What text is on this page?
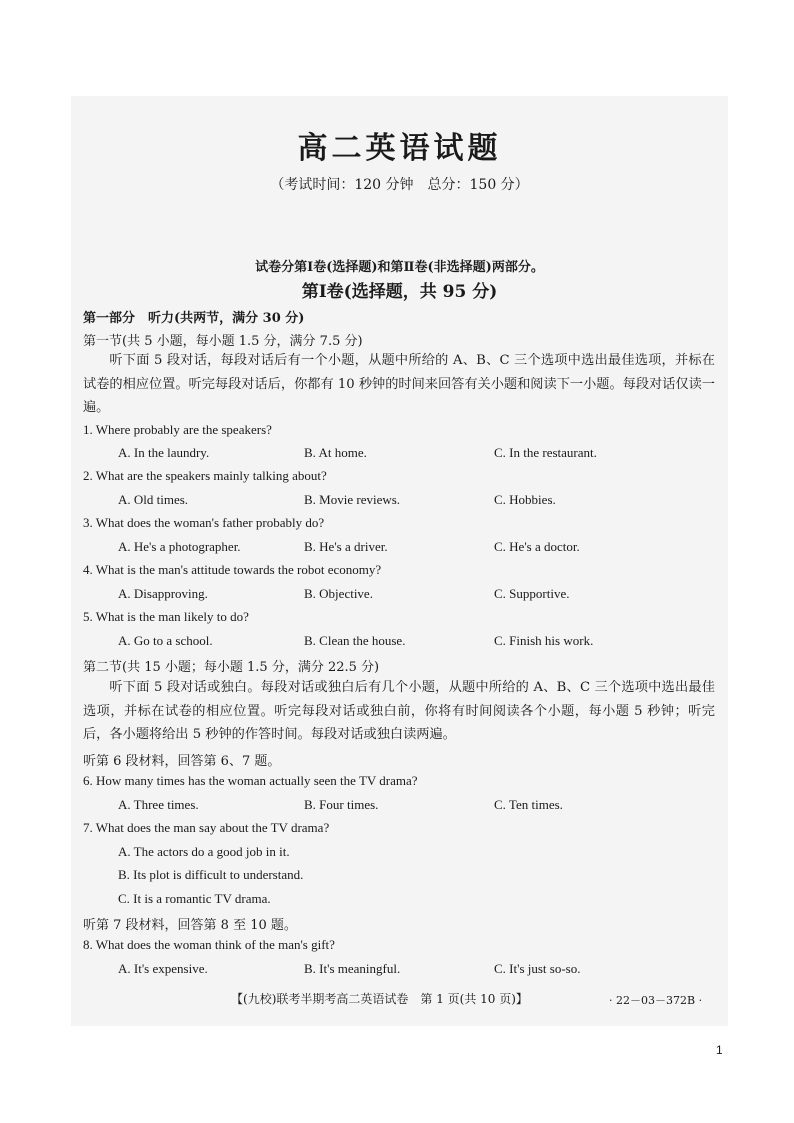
高二英语试题
（考试时间：120 分钟　总分：150 分）
试卷分第Ⅰ卷(选择题)和第Ⅱ卷(非选择题)两部分。
第Ⅰ卷(选择题，共 95 分)
第一部分　听力(共两节，满分 30 分)
第一节(共 5 小题，每小题 1.5 分，满分 7.5 分)
听下面 5 段对话，每段对话后有一个小题，从题中所给的 A、B、C 三个选项中选出最佳选项，并标在试卷的相应位置。听完每段对话后，你都有 10 秒钟的时间来回答有关小题和阅读下一小题。每段对话仅读一遍。
1. Where probably are the speakers?
A. In the laundry.	B. At home.	C. In the restaurant.
2. What are the speakers mainly talking about?
A. Old times.	B. Movie reviews.	C. Hobbies.
3. What does the woman's father probably do?
A. He's a photographer.	B. He's a driver.	C. He's a doctor.
4. What is the man's attitude towards the robot economy?
A. Disapproving.	B. Objective.	C. Supportive.
5. What is the man likely to do?
A. Go to a school.	B. Clean the house.	C. Finish his work.
第二节(共 15 小题；每小题 1.5 分，满分 22.5 分)
听下面 5 段对话或独白。每段对话或独白后有几个小题，从题中所给的 A、B、C 三个选项中选出最佳选项，并标在试卷的相应位置。听完每段对话或独白前，你将有时间阅读各个小题，每小题 5 秒钟；听完后，各小题将给出 5 秒钟的作答时间。每段对话或独白读两遍。
听第 6 段材料，回答第 6、7 题。
6. How many times has the woman actually seen the TV drama?
A. Three times.	B. Four times.	C. Ten times.
7. What does the man say about the TV drama?
A. The actors do a good job in it.
B. Its plot is difficult to understand.
C. It is a romantic TV drama.
听第 7 段材料，回答第 8 至 10 题。
8. What does the woman think of the man's gift?
A. It's expensive.	B. It's meaningful.	C. It's just so-so.
【(九校)联考半期考高二英语试卷　第 1 页(共 10 页)】	· 22－03－372B ·
1
